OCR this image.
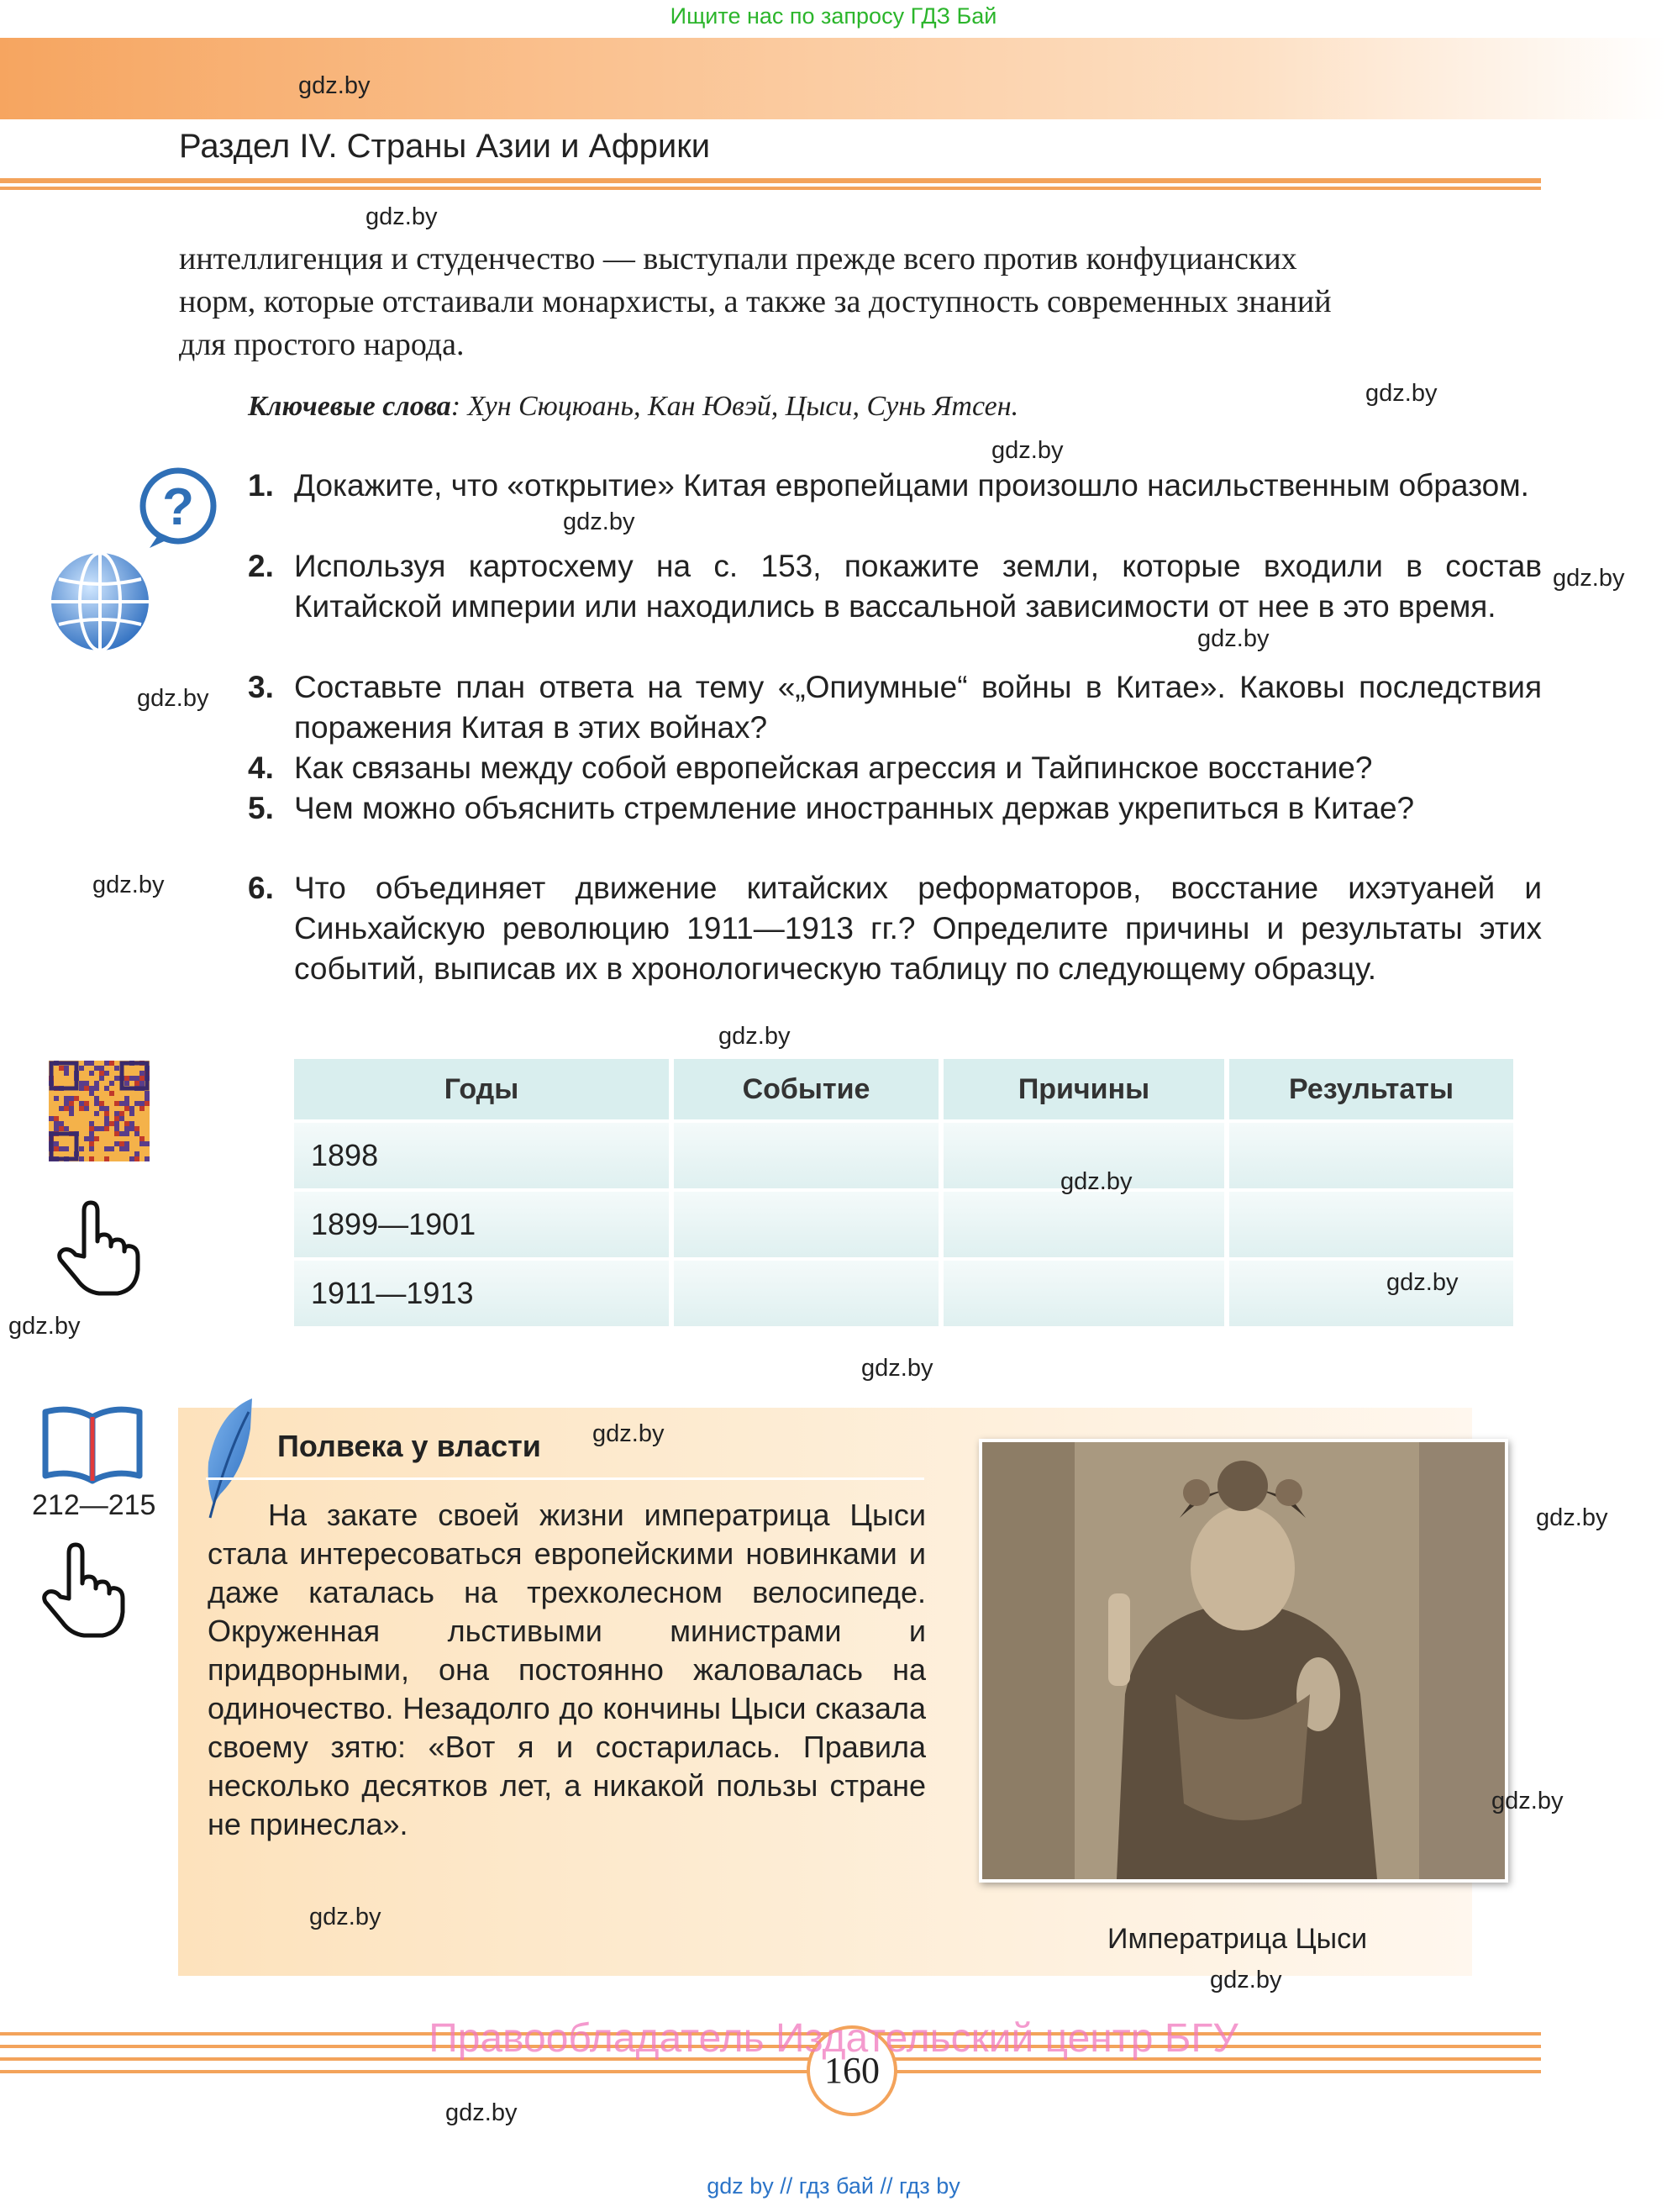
Ищите нас по запросу ГДЗ Бай
gdz.by
Раздел IV. Страны Азии и Африки
gdz.by
интеллигенция и студенчество — выступали прежде всего против конфуцианских
норм, которые отстаивали монархисты, а также за доступность современных знаний
для простого народа.
Ключевые слова: Хун Сюцюань, Кан Ювэй, Цыси, Сунь Ятсен.	gdz.by
gdz.by
?
gdz.by
gdz.by
1. Докажите, что «открытие» Китая европейцами произошло насильственным образом.
gdz.by
2. Используя картосхему на с. 153, покажите земли, которые входили в состав Китайской империи или находились в вассальной зависимости от нее в это время.
gdz.by
gdz.by
3. Составьте план ответа на тему «„Опиумные“ войны в Китае». Каковы последствия поражения Китая в этих войнах?
4. Как связаны между собой европейская агрессия и Тайпинское восстание?
5. Чем можно объяснить стремление иностранных держав укрепиться в Китае?
6. Что объединяет движение китайских реформаторов, восстание ихэтуаней и Синьхайскую революцию 1911—1913 гг.? Определите причины и результаты этих событий, выписав их в хронологическую таблицу по следующему образцу.
gdz.by
gdz.by
Годы	Событие	Причины	Результаты
1898			
1899—1901			
1911—1913			
gdz.by
gdz.by
gdz.by
212—215
Полвека у власти gdz.by
На закате своей жизни императрица Цыси стала интересоваться европейскими новинками и даже каталась на трехколесном велосипеде. Окруженная льстивыми министрами и придворными, она постоянно жаловалась на одиночество. Незадолго до кончины Цыси сказала своему зятю: «Вот я и состарилась. Правила несколько десятков лет, а никакой пользы стране не принесла».
gdz.by
gdz.by
gdz.by
Императрица Цыси
gdz.by
160
Правообладатель Издательский центр БГУ
gdz.by
gdz by // гдз бай // гдз by
